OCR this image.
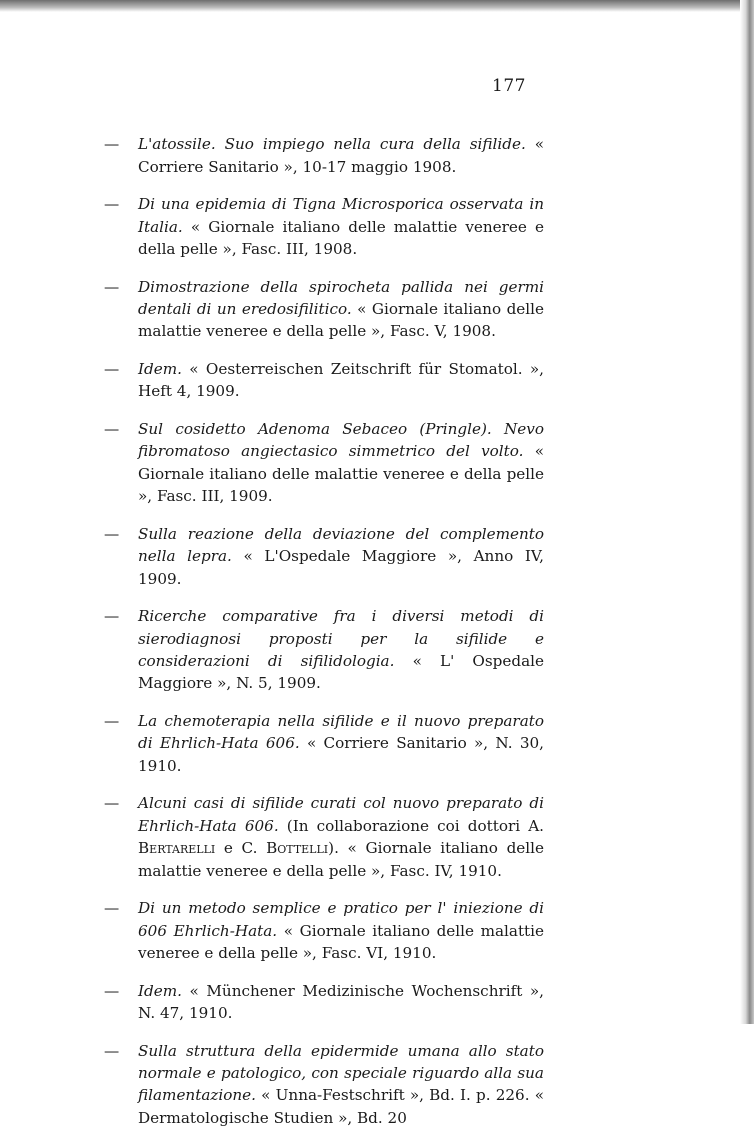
177

— L'atossile. Suo impiego nella cura della sifilide. « Corriere Sanitario », 10-17 maggio 1908.

— Di una epidemia di Tigna Microsporica osservata in Italia. « Giornale italiano delle malattie veneree e della pelle », Fasc. III, 1908.

— Dimostrazione della spirocheta pallida nei germi dentali di un eredosifilitico. « Giornale italiano delle malattie veneree e della pelle », Fasc. V, 1908.

— Idem. « Oesterreischen Zeitschrift für Stomatol. », Heft 4, 1909.

— Sul cosidetto Adenoma Sebaceo (Pringle). Nevo fibromatoso angiectasico simmetrico del volto. « Giornale italiano delle malattie veneree e della pelle », Fasc. III, 1909.

— Sulla reazione della deviazione del complemento nella lepra. « L'Ospedale Maggiore », Anno IV, 1909.

— Ricerche comparative fra i diversi metodi di sierodiagnosi proposti per la sifilide e considerazioni di sifilidologia. « L' Ospedale Maggiore », N. 5, 1909.

— La chemoterapia nella sifilide e il nuovo preparato di Ehrlich-Hata 606. « Corriere Sanitario », N. 30, 1910.

— Alcuni casi di sifilide curati col nuovo preparato di Ehrlich-Hata 606. (In collaborazione coi dottori A. Bertarelli e C. Bottelli). « Giornale italiano delle malattie veneree e della pelle », Fasc. IV, 1910.

— Di un metodo semplice e pratico per l' iniezione di 606 Ehrlich-Hata. « Giornale italiano delle malattie veneree e della pelle », Fasc. VI, 1910.

— Idem. « Münchener Medizinische Wochenschrift », N. 47, 1910.

— Sulla struttura della epidermide umana allo stato normale e patologico, con speciale riguardo alla sua filamentazione. « Unna-Festschrift », Bd. I. p. 226. « Dermatologische Studien », Bd. 20
